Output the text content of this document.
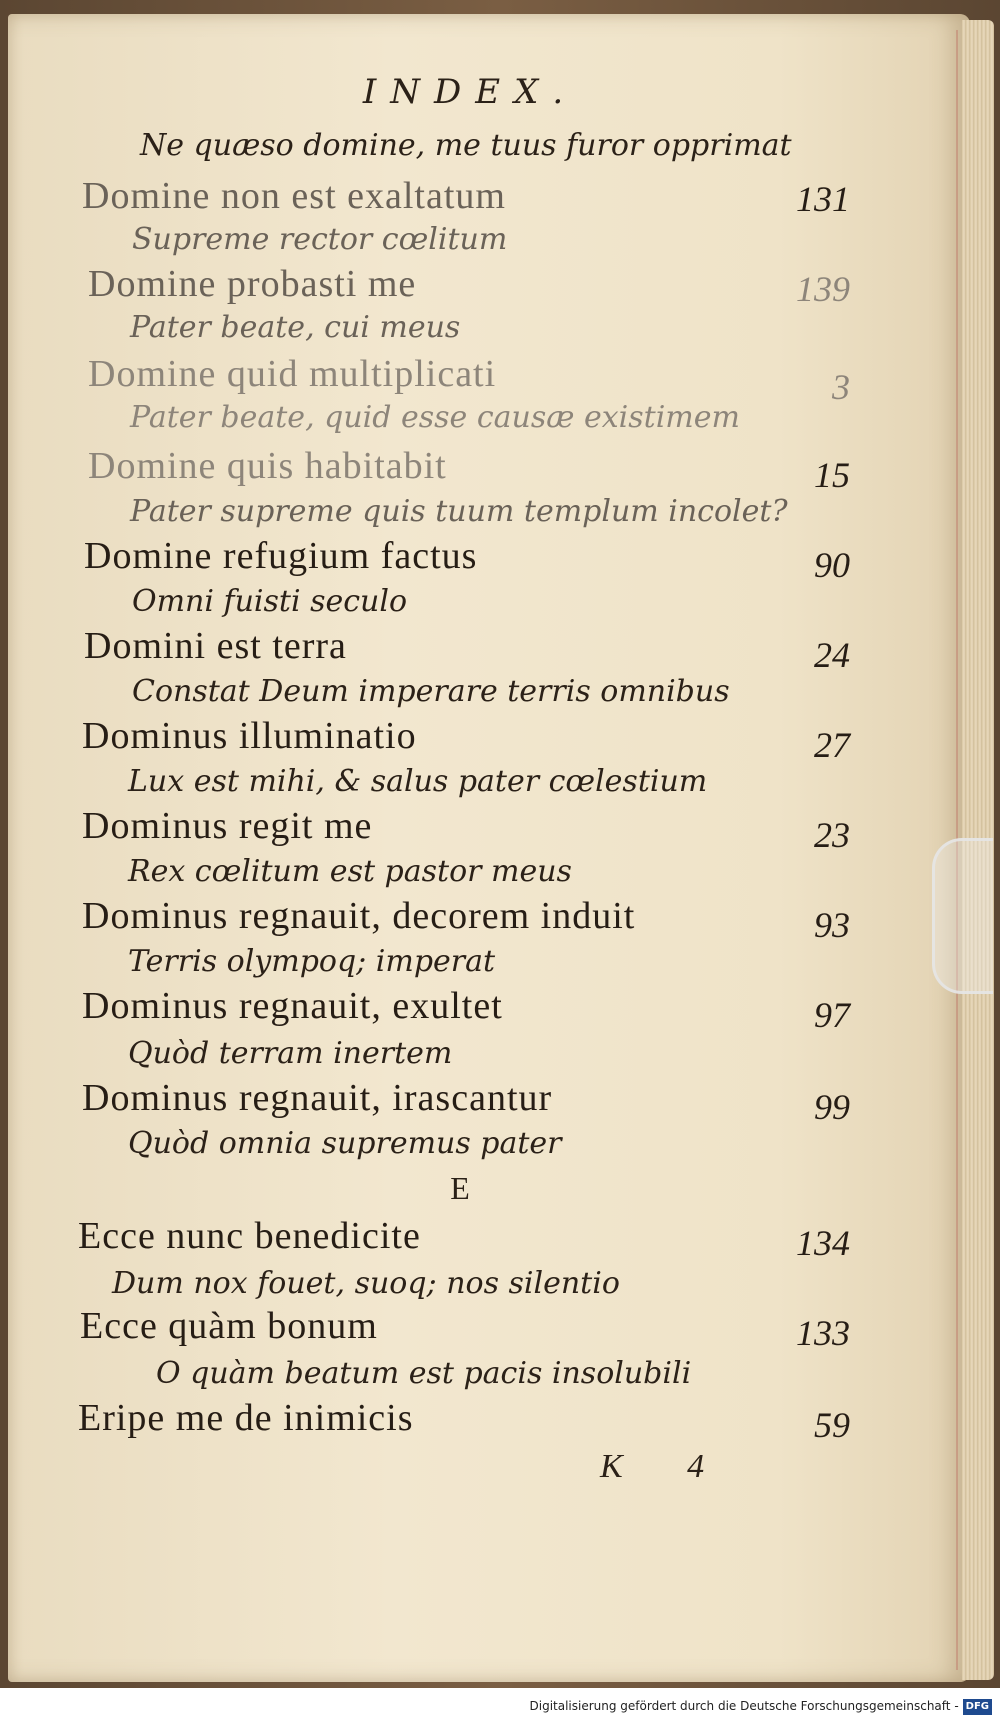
INDEX.
Ne quæso domine, me tuus furor opprimat
Domine non est exaltatum	131
Supreme rector cœlitum
Domine probasti me	139
Pater beate, cui meus
Domine quid multiplicati	3
Pater beate, quid esse causæ existimem
Domine quis habitabit	15
Pater supreme quis tuum templum incolet?
Domine refugium factus	90
Omni fuisti seculo
Domini est terra	24
Constat Deum imperare terris omnibus
Dominus illuminatio	27
Lux est mihi, & salus pater cœlestium
Dominus regit me	23
Rex cœlitum est pastor meus
Dominus regnauit, decorem induit	93
Terris olympoq; imperat
Dominus regnauit, exultet	97
Quòd terram inertem
Dominus regnauit, irascantur	99
Quòd omnia supremus pater
E
Ecce nunc benedicite	134
Dum nox fouet, suoq; nos silentio
Ecce quàm bonum	133
O quàm beatum est pacis insolubili
Eripe me de inimicis	59
K 4
Digitalisierung gefördert durch die Deutsche Forschungsgemeinschaft - DFG
